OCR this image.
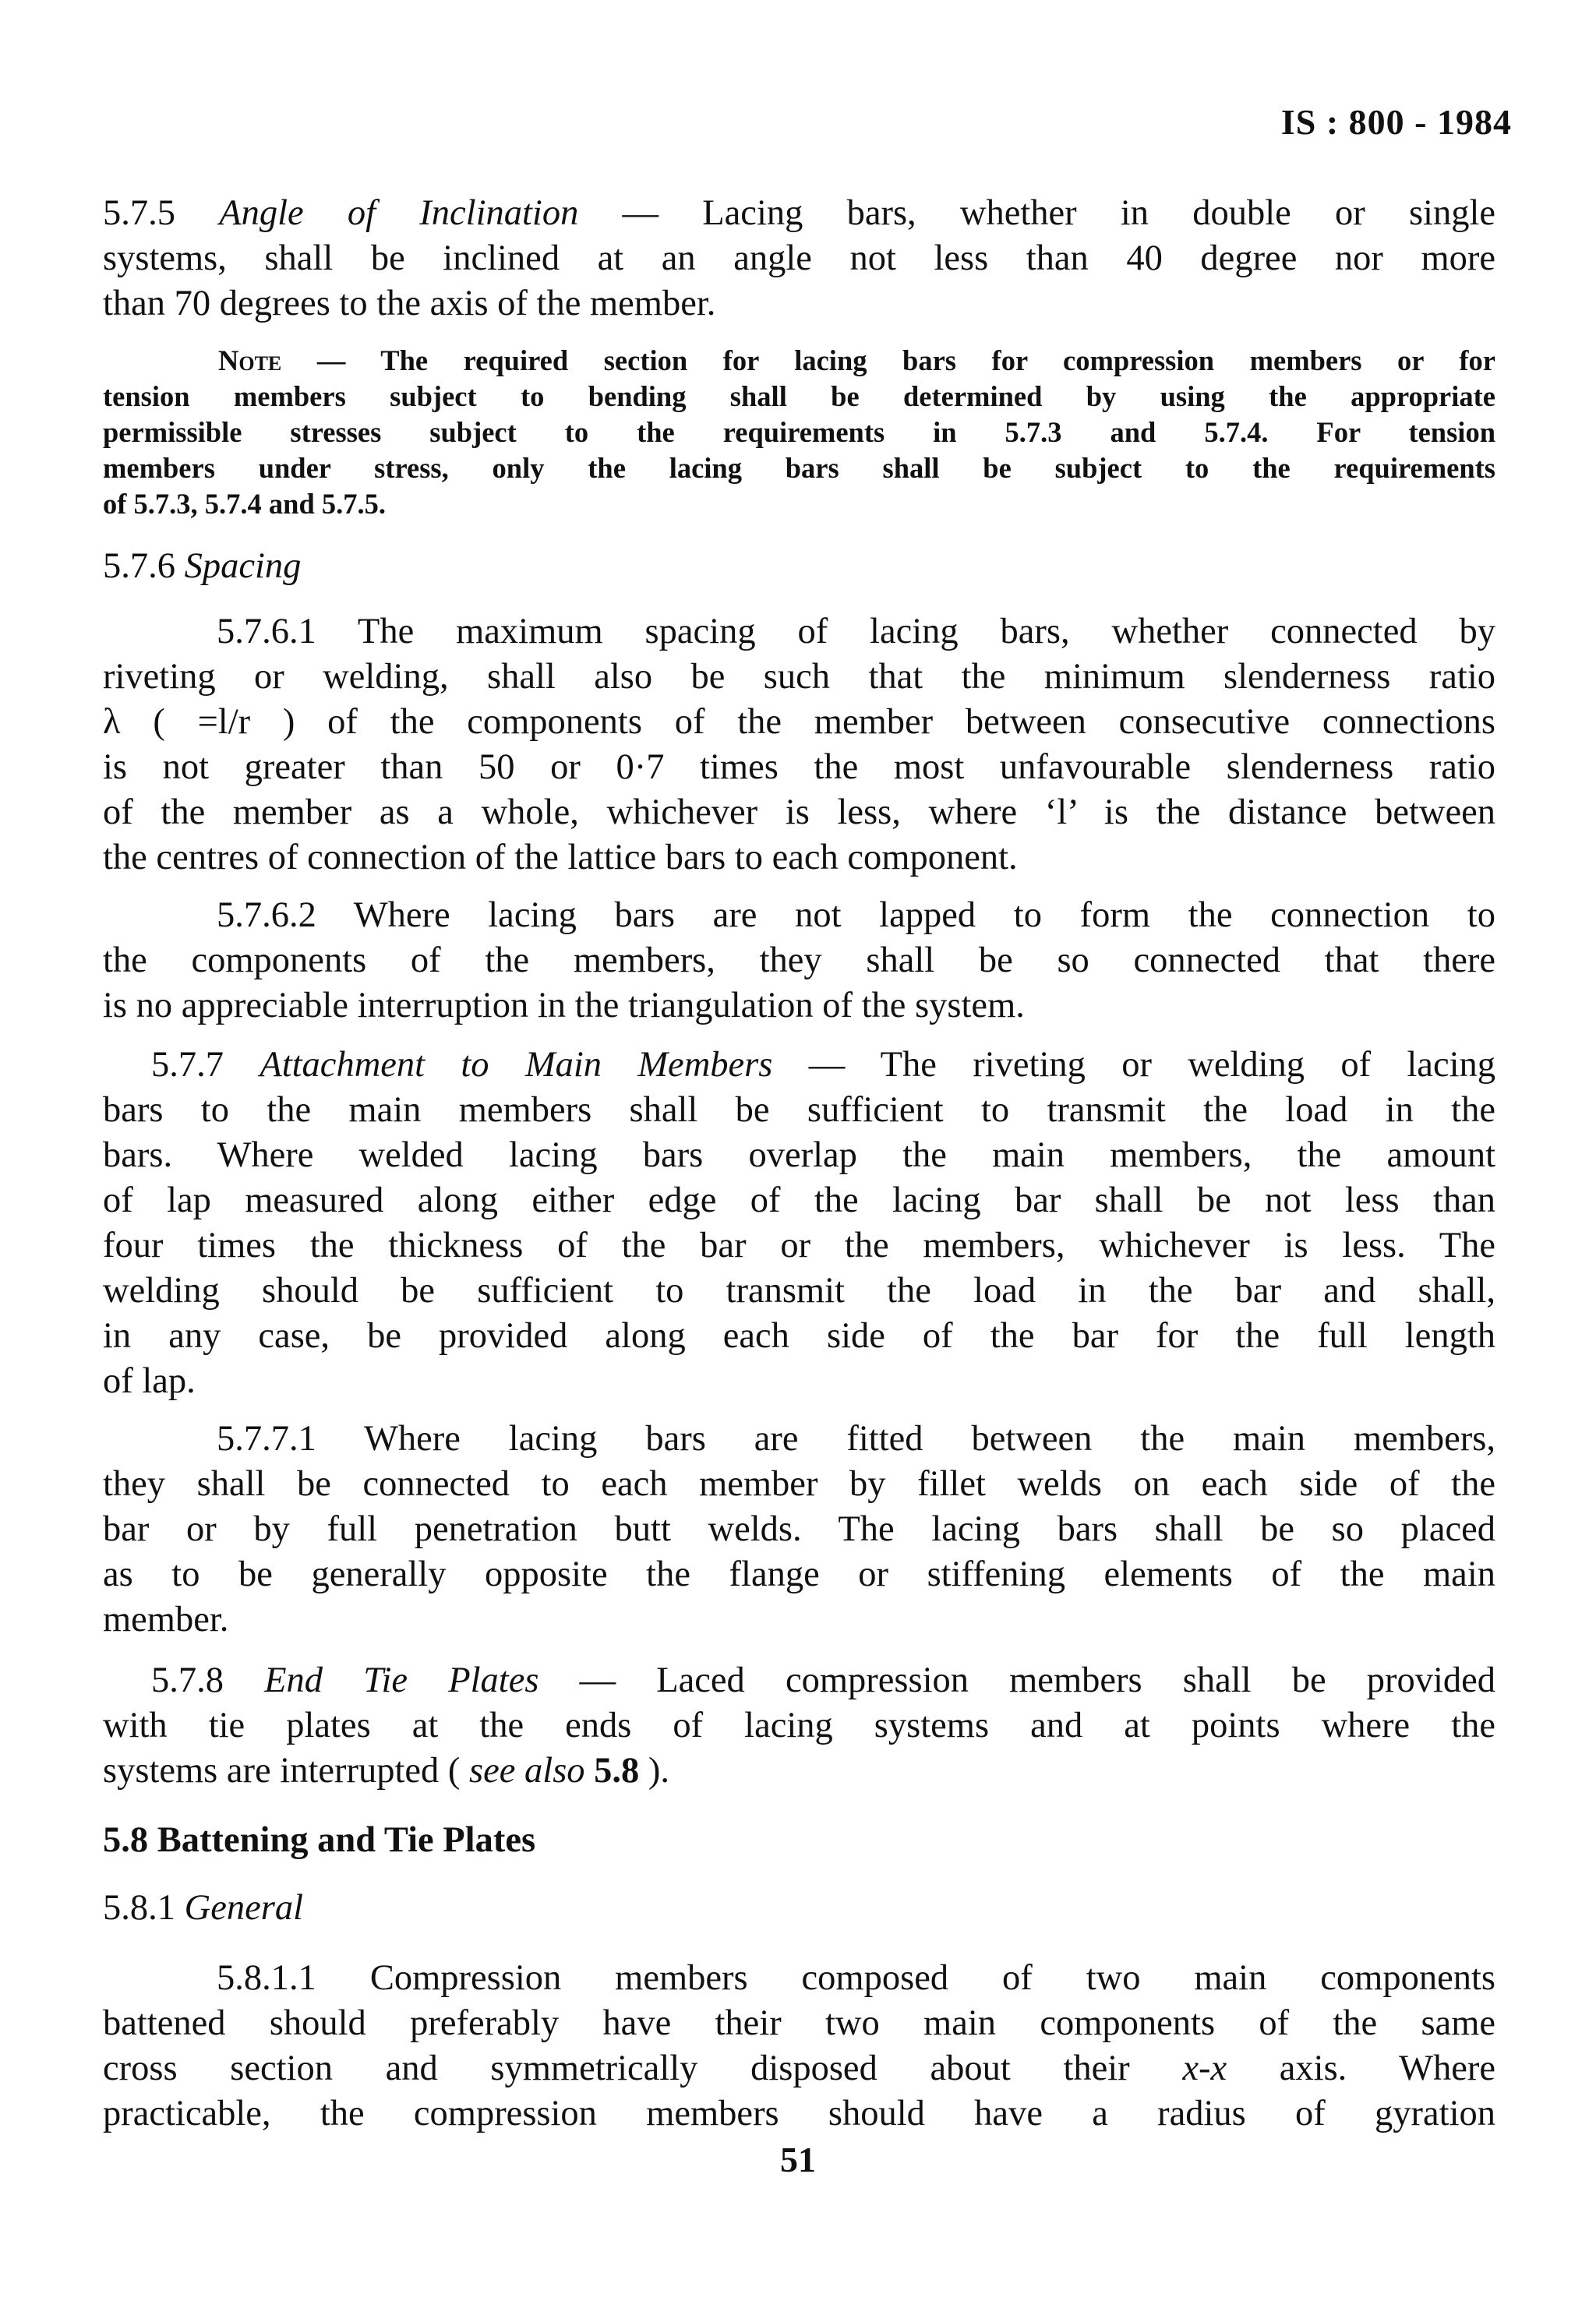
IS : 800 - 1984
5.7.5 Angle of Inclination — Lacing bars, whether in double or single
systems, shall be inclined at an angle not less than 40 degree nor more
than 70 degrees to the axis of the member.
Note — The required section for lacing bars for compression members or for
tension members subject to bending shall be determined by using the appropriate
permissible stresses subject to the requirements in 5.7.3 and 5.7.4. For tension
members under stress, only the lacing bars shall be subject to the requirements
of 5.7.3, 5.7.4 and 5.7.5.
5.7.6 Spacing
5.7.6.1 The maximum spacing of lacing bars, whether connected by
riveting or welding, shall also be such that the minimum slenderness ratio
λ ( =l/r ) of the components of the member between consecutive connections
is not greater than 50 or 0·7 times the most unfavourable slenderness ratio
of the member as a whole, whichever is less, where ‘l’ is the distance between
the centres of connection of the lattice bars to each component.
5.7.6.2 Where lacing bars are not lapped to form the connection to
the components of the members, they shall be so connected that there
is no appreciable interruption in the triangulation of the system.
5.7.7 Attachment to Main Members — The riveting or welding of lacing
bars to the main members shall be sufficient to transmit the load in the
bars. Where welded lacing bars overlap the main members, the amount
of lap measured along either edge of the lacing bar shall be not less than
four times the thickness of the bar or the members, whichever is less. The
welding should be sufficient to transmit the load in the bar and shall,
in any case, be provided along each side of the bar for the full length
of lap.
5.7.7.1 Where lacing bars are fitted between the main members,
they shall be connected to each member by fillet welds on each side of the
bar or by full penetration butt welds. The lacing bars shall be so placed
as to be generally opposite the flange or stiffening elements of the main
member.
5.7.8 End Tie Plates — Laced compression members shall be provided
with tie plates at the ends of lacing systems and at points where the
systems are interrupted ( see also 5.8 ).
5.8 Battening and Tie Plates
5.8.1 General
5.8.1.1 Compression members composed of two main components
battened should preferably have their two main components of the same
cross section and symmetrically disposed about their x-x axis. Where
practicable, the compression members should have a radius of gyration
51
